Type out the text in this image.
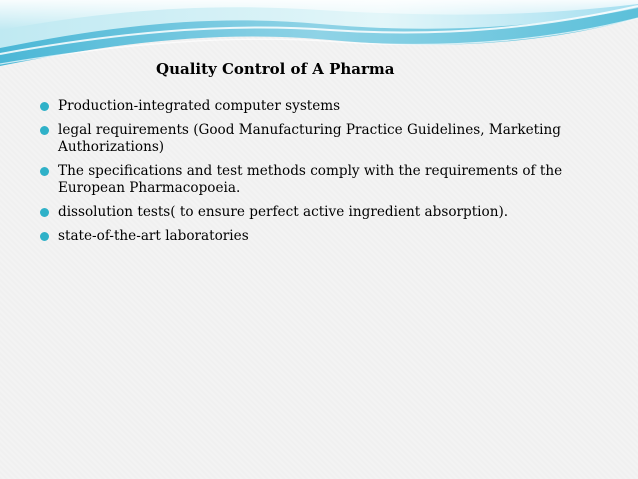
Quality Control of A Pharma
Production-integrated computer systems
legal requirements (Good Manufacturing Practice Guidelines, Marketing Authorizations)
The specifications and test methods comply with the requirements of the European Pharmacopoeia.
dissolution tests( to ensure perfect active ingredient absorption).
state-of-the-art laboratories
